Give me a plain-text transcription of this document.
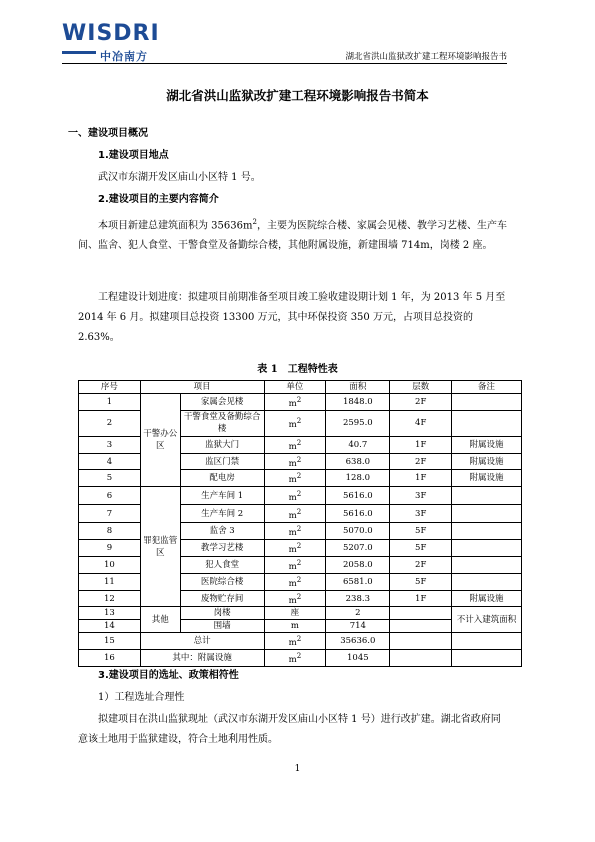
WISDRI
中冶南方	湖北省洪山监狱改扩建工程环境影响报告书
湖北省洪山监狱改扩建工程环境影响报告书简本
一、建设项目概况
1.建设项目地点
武汉市东湖开发区庙山小区特 1 号。
2.建设项目的主要内容简介
本项目新建总建筑面积为 $35636m^2$，主要为医院综合楼、家属会见楼、教学习艺楼、生产车间、监舍、犯人食堂、干警食堂及备勤综合楼，其他附属设施，新建围墙 714m，岗楼 2 座。
工程建设计划进度：拟建项目前期准备至项目竣工验收建设期计划 1 年，为 2013 年 5 月至 2014 年 6 月。拟建项目总投资 13300 万元，其中环保投资 350 万元，占项目总投资的 2.63%。
表 1　工程特性表
序号	项目		单位	面积	层数	备注
1	干警办公区	家属会见楼	$m^2$	1848.0	2F	
2		干警食堂及备勤综合楼	$m^2$	2595.0	4F	
3		监狱大门	$m^2$	40.7	1F	附属设施
4		监区门禁	$m^2$	638.0	2F	附属设施
5		配电房	$m^2$	128.0	1F	附属设施
6	罪犯监管区	生产车间 1	$m^2$	5616.0	3F	
7		生产车间 2	$m^2$	5616.0	3F	
8		监舍 3	$m^2$	5070.0	5F	
9		教学习艺楼	$m^2$	5207.0	5F	
10		犯人食堂	$m^2$	2058.0	2F	
11		医院综合楼	$m^2$	6581.0	5F	
12		废物贮存间	$m^2$	238.3	1F	附属设施
13	其他	岗楼	座	2		不计入建筑面积
14		围墙	m	714		
15	总计		$m^2$	35636.0		
16	其中：附属设施		$m^2$	1045		
3.建设项目的选址、政策相符性
1）工程选址合理性
拟建项目在洪山监狱现址（武汉市东湖开发区庙山小区特 1 号）进行改扩建。湖北省政府同意该土地用于监狱建设，符合土地利用性质。
1
